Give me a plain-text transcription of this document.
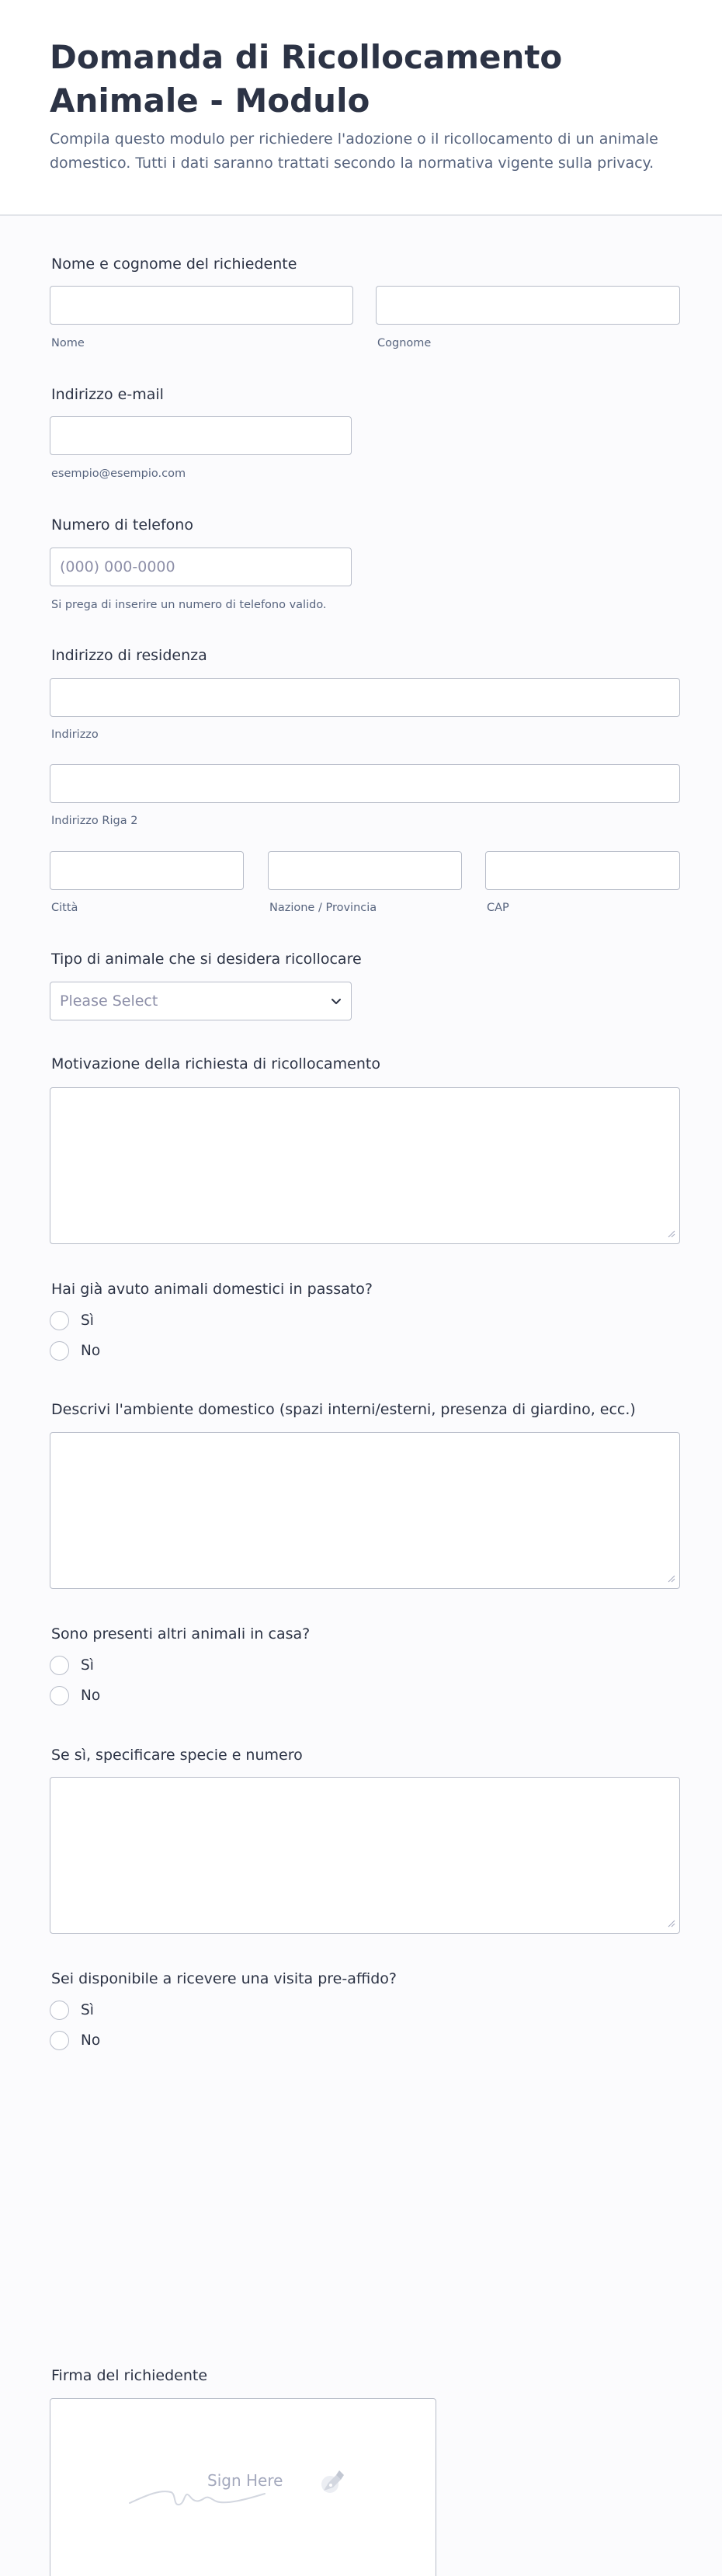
Domanda di Ricollocamento Animale - Modulo

Compila questo modulo per richiedere l'adozione o il ricollocamento di un animale domestico. Tutti i dati saranno trattati secondo la normativa vigente sulla privacy.

Nome e cognome del richiedente
Nome	Cognome
Indirizzo e-mail
esempio@esempio.com
Numero di telefono
(000) 000-0000
Si prega di inserire un numero di telefono valido.
Indirizzo di residenza
Indirizzo
Indirizzo Riga 2
Città	Nazione / Provincia	CAP
Tipo di animale che si desidera ricollocare
Please Select
Motivazione della richiesta di ricollocamento
Hai già avuto animali domestici in passato?
Sì
No
Descrivi l'ambiente domestico (spazi interni/esterni, presenza di giardino, ecc.)
Sono presenti altri animali in casa?
Sì
No
Se sì, specificare specie e numero
Sei disponibile a ricevere una visita pre-affido?
Sì
No
Firma del richiedente
Sign Here
